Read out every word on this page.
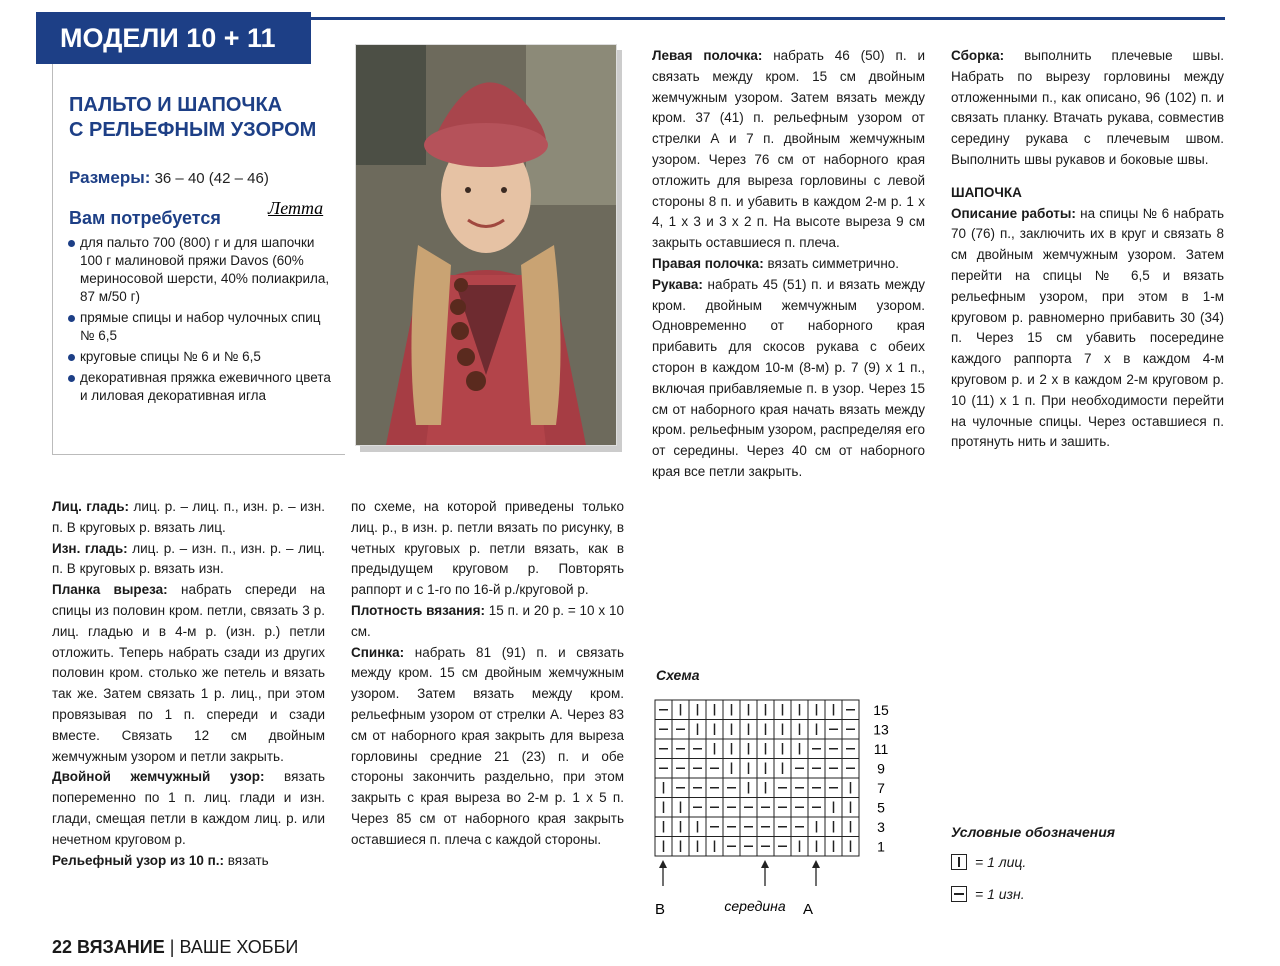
МОДЕЛИ 10 + 11
ПАЛЬТО И ШАПОЧКА
С РЕЛЬЕФНЫМ УЗОРОМ
Размеры: 36 – 40 (42 – 46)
Вам потребуется	Летта
для пальто 700 (800) г и для шапочки 100 г малиновой пряжи Davos (60% мериносовой шерсти, 40% полиакрила, 87 м/50 г)
прямые спицы и набор чулочных спиц № 6,5
круговые спицы № 6 и № 6,5
декоративная пряжка ежевичного цвета и лиловая декоративная игла

Лиц. гладь: лиц. р. – лиц. п., изн. р. – изн. п. В круговых р. вязать лиц.

Изн. гладь: лиц. р. – изн. п., изн. р. – лиц. п. В круговых р. вязать изн.

Планка выреза: набрать спереди на спицы из половин кром. петли, связать 3 р. лиц. гладью и в 4-м р. (изн. р.) петли отложить. Теперь набрать сзади из других половин кром. столько же петель и вязать так же. Затем связать 1 р. лиц., при этом провязывая по 1 п. спереди и сзади вместе. Связать 12 см двойным жемчужным узором и петли закрыть.

Двойной жемчужный узор: вязать попеременно по 1 п. лиц. глади и изн. глади, смещая петли в каждом лиц. р. или нечетном круговом р.

Рельефный узор из 10 п.: вязать

по схеме, на которой приведены только лиц. р., в изн. р. петли вязать по рисунку, в четных круговых р. петли вязать, как в предыдущем круговом р. Повторять раппорт и с 1-го по 16-й р./круговой р.

Плотность вязания: 15 п. и 20 р. = 10 х 10 см.

Спинка: набрать 81 (91) п. и связать между кром. 15 см двойным жемчужным узором. Затем вязать между кром. рельефным узором от стрелки А. Через 83 см от наборного края закрыть для выреза горловины средние 21 (23) п. и обе стороны закончить раздельно, при этом закрыть с края выреза во 2-м р. 1 х 5 п. Через 85 см от наборного края закрыть оставшиеся п. плеча с каждой стороны.

Левая полочка: набрать 46 (50) п. и связать между кром. 15 см двойным жемчужным узором. Затем вязать между кром. 37 (41) п. рельефным узором от стрелки А и 7 п. двойным жемчужным узором. Через 76 см от наборного края отложить для выреза горловины с левой стороны 8 п. и убавить в каждом 2-м р. 1 х 4, 1 х 3 и 3 х 2 п. На высоте выреза 9 см закрыть оставшиеся п. плеча.

Правая полочка: вязать симметрично.

Рукава: набрать 45 (51) п. и вязать между кром. двойным жемчужным узором. Одновременно от наборного края прибавить для скосов рукава с обеих сторон в каждом 10-м (8-м) р. 7 (9) х 1 п., включая прибавляемые п. в узор. Через 15 см от наборного края начать вязать между кром. рельефным узором, распределяя его от середины. Через 40 см от наборного края все петли закрыть.

Сборка: выполнить плечевые швы. Набрать по вырезу горловины между отложенными п., как описано, 96 (102) п. и связать планку. Втачать рукава, совместив середину рукава с плечевым швом. Выполнить швы рукавов и боковые швы.

ШАПОЧКА

Описание работы: на спицы № 6 набрать 70 (76) п., заключить их в круг и связать 8 см двойным жемчужным узором. Затем перейти на спицы № 6,5 и вязать рельефным узором, при этом в 1-м круговом р. равномерно прибавить 30 (34) п. Через 15 см убавить посередине каждого раппорта 7 х в каждом 4-м круговом р. и 2 х в каждом 2-м круговом р. 10 (11) х 1 п. При необходимости перейти на чулочные спицы. Через оставшиеся п. протянуть нить и зашить.

Схема
В	середина А
15
13
11
9
7
5
3
1
Условные обозначения
= 1 лиц.
= 1 изн.
22 ВЯЗАНИЕ | ВАШЕ ХОББИ
